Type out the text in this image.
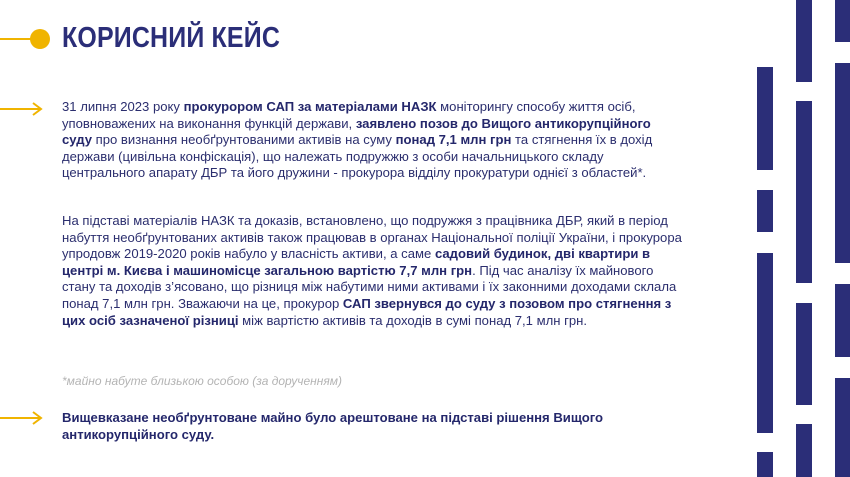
КОРИСНИЙ КЕЙС
31 липня 2023 року прокурором САП за матеріалами НАЗК моніторингу способу життя осіб, уповноважених на виконання функцій держави, заявлено позов до Вищого антикорупційного суду про визнання необґрунтованими активів на суму понад 7,1 млн грн та стягнення їх в дохід держави (цивільна конфіскація), що належать подружжю з особи начальницького складу центрального апарату ДБР та його дружини - прокурора відділу прокуратури однієї з областей*.
На підставі матеріалів НАЗК та доказів, встановлено, що подружжя з працівника ДБР, який в період набуття необґрунтованих активів також працював в органах Національної поліції України, і прокурора упродовж 2019-2020 років набуло у власність активи, а саме садовий будинок, дві квартири в центрі м. Києва і машиномісце загальною вартістю 7,7 млн грн. Під час аналізу їх майнового стану та доходів з’ясовано, що різниця між набутими ними активами і їх законними доходами склала понад 7,1 млн грн. Зважаючи на це, прокурор САП звернувся до суду з позовом про стягнення з цих осіб зазначеної різниці між вартістю активів та доходів в сумі понад 7,1 млн грн.
*майно набуте близькою особою (за дорученням)
Вищевказане необґрунтоване майно було арештоване на підставі рішення Вищого антикорупційного суду.
